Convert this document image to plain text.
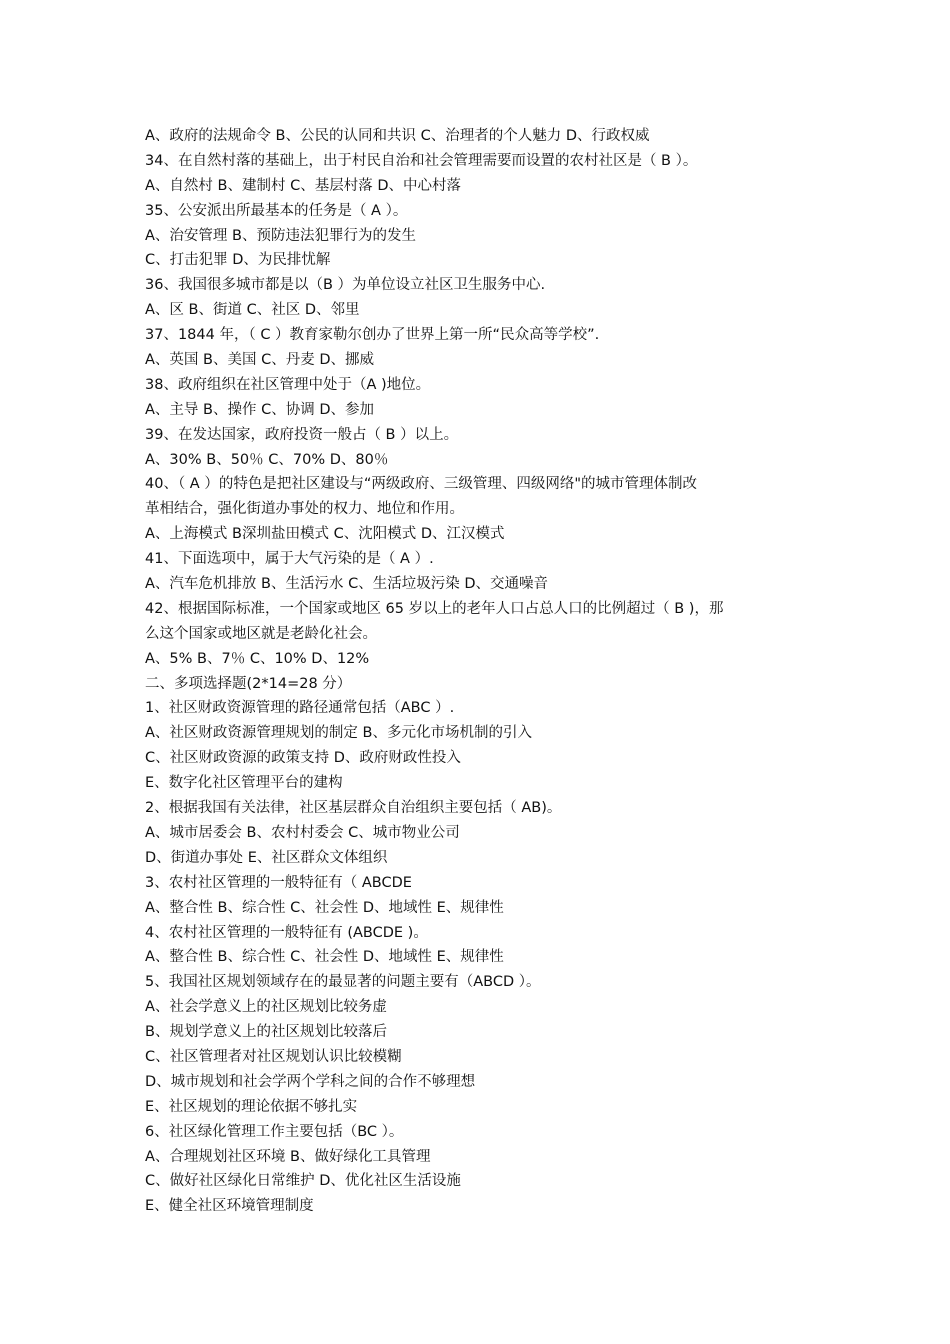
A、政府的法规命令 B、公民的认同和共识 C、治理者的个人魅力 D、行政权威
34、在自然村落的基础上，出于村民自治和社会管理需要而设置的农村社区是（ B ）。
A、自然村 B、建制村 C、基层村落 D、中心村落
35、公安派出所最基本的任务是（ A ）。
A、治安管理 B、预防违法犯罪行为的发生
C、打击犯罪 D、为民排忧解
36、我国很多城市都是以（B ）为单位设立社区卫生服务中心.
A、区 B、街道 C、社区 D、邻里
37、1844 年，（ C ）教育家勒尔创办了世界上第一所“民众高等学校”.
A、英国 B、美国 C、丹麦 D、挪威
38、政府组织在社区管理中处于（A )地位。
A、主导 B、操作 C、协调 D、参加
39、在发达国家，政府投资一般占（ B ）以上。
A、30% B、50％ C、70% D、80％
40、（ A ）的特色是把社区建设与“两级政府、三级管理、四级网络"的城市管理体制改
革相结合，强化街道办事处的权力、地位和作用。
A、上海模式 B深圳盐田模式 C、沈阳模式 D、江汉模式
41、下面选项中，属于大气污染的是（ A ）.
A、汽车危机排放 B、生活污水 C、生活垃圾污染 D、交通噪音
42、根据国际标准，一个国家或地区 65 岁以上的老年人口占总人口的比例超过（ B )，那
么这个国家或地区就是老龄化社会。
A、5% B、7％ C、10% D、12%
二、多项选择题(2*14=28 分）
1、社区财政资源管理的路径通常包括（ABC ）.
A、社区财政资源管理规划的制定 B、多元化市场机制的引入
C、社区财政资源的政策支持 D、政府财政性投入
E、数字化社区管理平台的建构
2、根据我国有关法律，社区基层群众自治组织主要包括（ AB)。
A、城市居委会 B、农村村委会 C、城市物业公司
D、街道办事处 E、社区群众文体组织
3、农村社区管理的一般特征有（ ABCDE
A、整合性 B、综合性 C、社会性 D、地域性 E、规律性
4、农村社区管理的一般特征有 (ABCDE )。
A、整合性 B、综合性 C、社会性 D、地域性 E、规律性
5、我国社区规划领域存在的最显著的问题主要有（ABCD ）。
A、社会学意义上的社区规划比较务虚
B、规划学意义上的社区规划比较落后
C、社区管理者对社区规划认识比较模糊
D、城市规划和社会学两个学科之间的合作不够理想
E、社区规划的理论依据不够扎实
6、社区绿化管理工作主要包括（BC ）。
A、合理规划社区环境 B、做好绿化工具管理
C、做好社区绿化日常维护 D、优化社区生活设施
E、健全社区环境管理制度
